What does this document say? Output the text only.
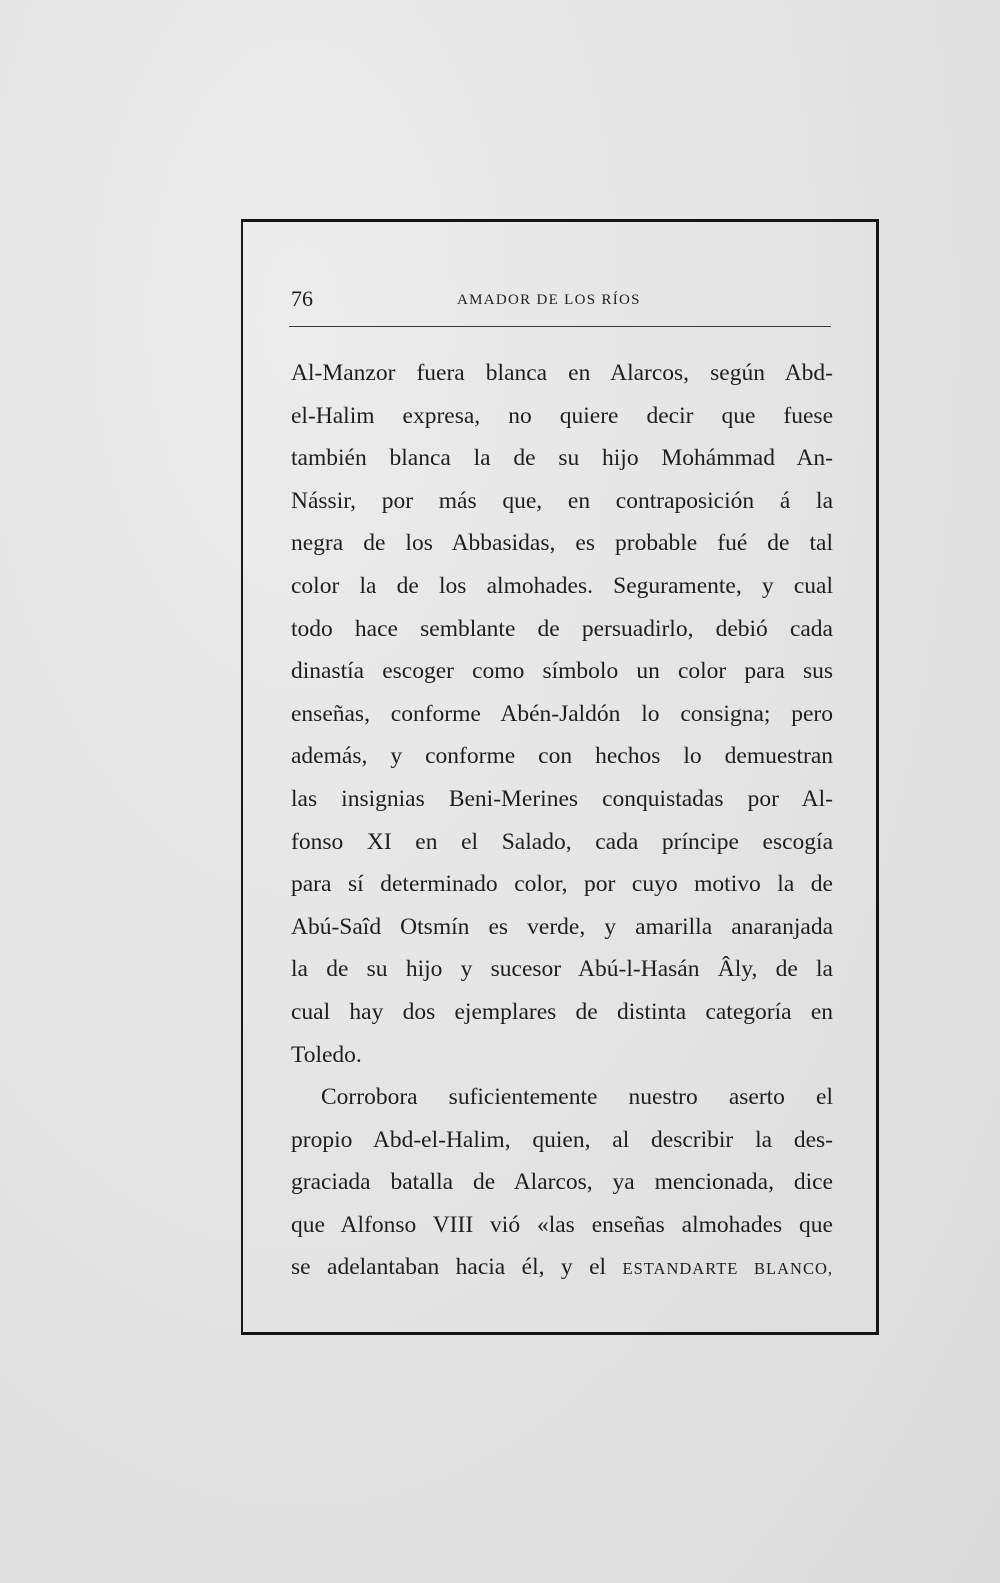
76	AMADOR DE LOS RÍOS
Al-Manzor fuera blanca en Alarcos, según Abd-
el-Halim expresa, no quiere decir que fuese
también blanca la de su hijo Mohámmad An-
Nássir, por más que, en contraposición á la
negra de los Abbasidas, es probable fué de tal
color la de los almohades. Seguramente, y cual
todo hace semblante de persuadirlo, debió cada
dinastía escoger como símbolo un color para sus
enseñas, conforme Abén-Jaldón lo consigna; pero
además, y conforme con hechos lo demuestran
las insignias Beni-Merines conquistadas por Al-
fonso XI en el Salado, cada príncipe escogía
para sí determinado color, por cuyo motivo la de
Abú-Saîd Otsmín es verde, y amarilla anaranjada
la de su hijo y sucesor Abú-l-Hasán Âly, de la
cual hay dos ejemplares de distinta categoría en
Toledo.
Corrobora suficientemente nuestro aserto el
propio Abd-el-Halim, quien, al describir la des-
graciada batalla de Alarcos, ya mencionada, dice
que Alfonso VIII vió «las enseñas almohades que
se adelantaban hacia él, y el ESTANDARTE BLANCO,
